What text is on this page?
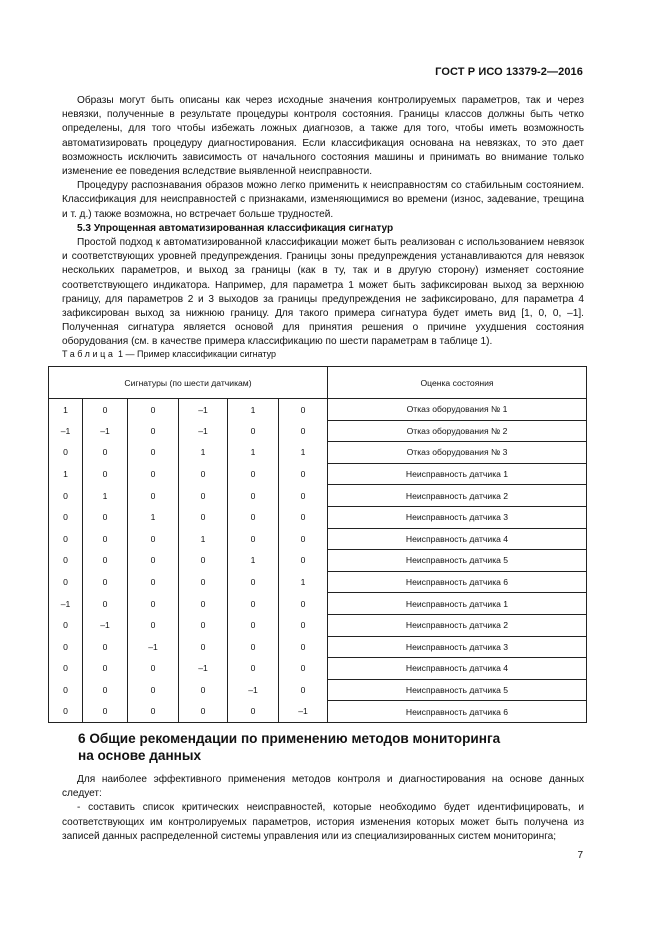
ГОСТ Р ИСО 13379-2—2016

Образы могут быть описаны как через исходные значения контролируемых параметров, так и через невязки, полученные в результате процедуры контроля состояния. Границы классов должны быть четко определены, для того чтобы избежать ложных диагнозов, а также для того, чтобы иметь возможность автоматизировать процедуру диагностирования. Если классификация основана на невязках, то это дает возможность исключить зависимость от начального состояния машины и принимать во внимание только изменение ее поведения вследствие выявленной неисправности.

Процедуру распознавания образов можно легко применить к неисправностям со стабильным состоянием. Классификация для неисправностей с признаками, изменяющимися во времени (износ, задевание, трещина и т. д.) также возможна, но встречает больше трудностей.

5.3 Упрощенная автоматизированная классификация сигнатур

Простой подход к автоматизированной классификации может быть реализован с использованием невязок и соответствующих уровней предупреждения. Границы зоны предупреждения устанавливаются для невязок нескольких параметров, и выход за границы (как в ту, так и в другую сторону) изменяет состояние соответствующего индикатора. Например, для параметра 1 может быть зафиксирован выход за верхнюю границу, для параметров 2 и 3 выходов за границы предупреждения не зафиксировано, для параметра 4 зафиксирован выход за нижнюю границу. Для такого примера сигнатура будет иметь вид [1, 0, 0, –1]. Полученная сигнатура является основой для принятия решения о причине ухудшения состояния оборудования (см. в качестве примера классификацию по шести параметрам в таблице 1).

Таблица 1 — Пример классификации сигнатур
Сигнатуры (по шести датчикам)						Оценка состояния
1	0	0	–1	1	0	Отказ оборудования № 1
–1	–1	0	–1	0	0	Отказ оборудования № 2
0	0	0	1	1	1	Отказ оборудования № 3
1	0	0	0	0	0	Неисправность датчика 1
0	1	0	0	0	0	Неисправность датчика 2
0	0	1	0	0	0	Неисправность датчика 3
0	0	0	1	0	0	Неисправность датчика 4
0	0	0	0	1	0	Неисправность датчика 5
0	0	0	0	0	1	Неисправность датчика 6
–1	0	0	0	0	0	Неисправность датчика 1
0	–1	0	0	0	0	Неисправность датчика 2
0	0	–1	0	0	0	Неисправность датчика 3
0	0	0	–1	0	0	Неисправность датчика 4
0	0	0	0	–1	0	Неисправность датчика 5
0	0	0	0	0	–1	Неисправность датчика 6
6 Общие рекомендации по применению методов мониторинга
на основе данных

Для наиболее эффективного применения методов контроля и диагностирования на основе данных следует:

- составить список критических неисправностей, которые необходимо будет идентифицировать, и соответствующих им контролируемых параметров, история изменения которых может быть получена из записей данных распределенной системы управления или из специализированных систем мониторинга;

7
